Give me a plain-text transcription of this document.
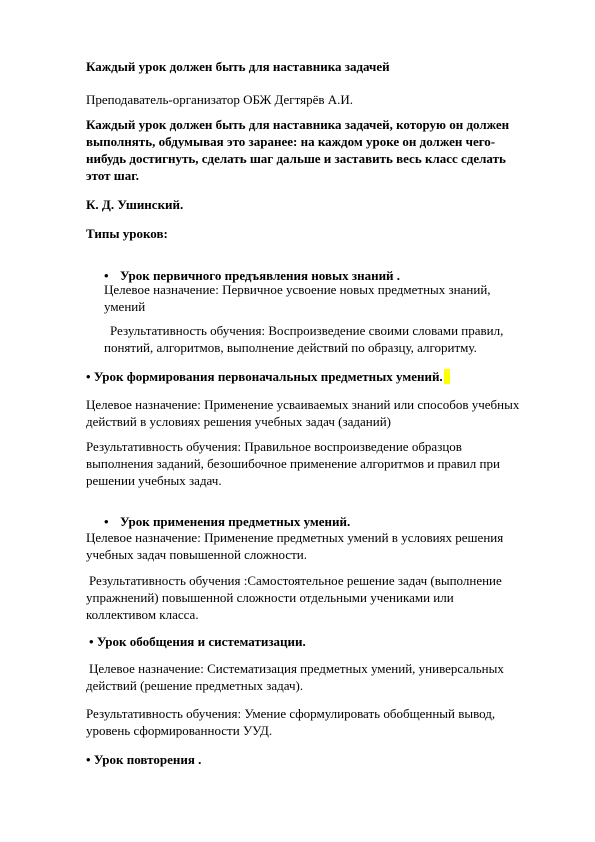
Каждый урок должен быть для наставника задачей

Преподаватель-организатор ОБЖ Дегтярёв А.И.

Каждый урок должен быть для наставника задачей, которую он должен выполнять, обдумывая это заранее: на каждом уроке он должен чего-нибудь достигнуть, сделать шаг дальше и заставить весь класс сделать этот шаг.

К. Д. Ушинский.

Типы уроков:

• Урок первичного предъявления новых знаний .

Целевое назначение: Первичное усвоение новых предметных знаний, умений

Результативность обучения: Воспроизведение своими словами правил, понятий, алгоритмов, выполнение действий по образцу, алгоритму.

• Урок формирования первоначальных предметных умений.

Целевое назначение: Применение усваиваемых знаний или способов учебных действий в условиях решения учебных задач (заданий)

Результативность обучения: Правильное воспроизведение образцов выполнения заданий, безошибочное применение алгоритмов и правил при решении учебных задач.

• Урок применения предметных умений.

Целевое назначение: Применение предметных умений в условиях решения учебных задач повышенной сложности.

Результативность обучения :Самостоятельное решение задач (выполнение упражнений) повышенной сложности отдельными учениками или коллективом класса.

• Урок обобщения и систематизации.

Целевое назначение: Систематизация предметных умений, универсальных действий (решение предметных задач).

Результативность обучения: Умение сформулировать обобщенный вывод, уровень сформированности УУД.

• Урок повторения .
